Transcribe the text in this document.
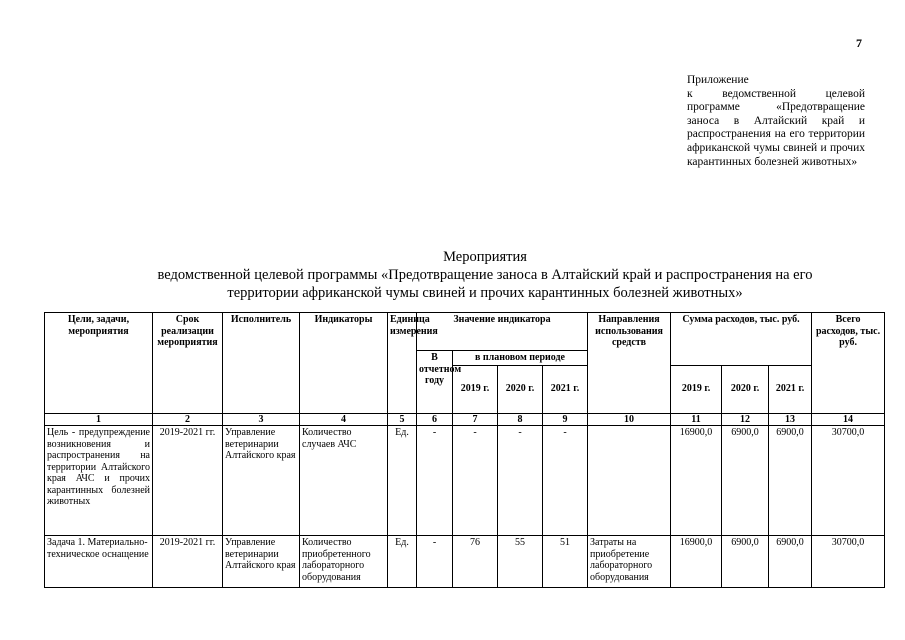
7
Приложение
к ведомственной целевой программе «Предотвращение заноса в Алтайский край и распространения на его территории африканской чумы свиней и прочих карантинных болезней животных»
Мероприятия
ведомственной целевой программы «Предотвращение заноса в Алтайский край и распространения на его
территории африканской чумы свиней и прочих карантинных болезней животных»
Цели, задачи, мероприятия	Срок реализации мероприятия	Исполнитель	Индикаторы	Единица измерения	Значение индикатора				Направления использования средств	Сумма расходов, тыс. руб.			Всего расходов, тыс. руб.
					В отчетном году	в плановом периоде							
						2019 г.	2020 г.	2021 г.		2019 г.	2020 г.	2021 г.	
1	2	3	4	5	6	7	8	9	10	11	12	13	14
Цель - предупреждение возникновения и распространения на территории Алтайского края АЧС и прочих карантинных болезней животных	2019-2021 гг.	Управление ветеринарии Алтайского края	Количество случаев АЧС	Ед.	-	-	-	-		16900,0	6900,0	6900,0	30700,0
Задача 1. Материально-техническое оснащение	2019-2021 гг.	Управление ветеринарии Алтайского края	Количество приобретенного лабораторного оборудования	Ед.	-	76	55	51	Затраты на приобретение лабораторного оборудования	16900,0	6900,0	6900,0	30700,0
